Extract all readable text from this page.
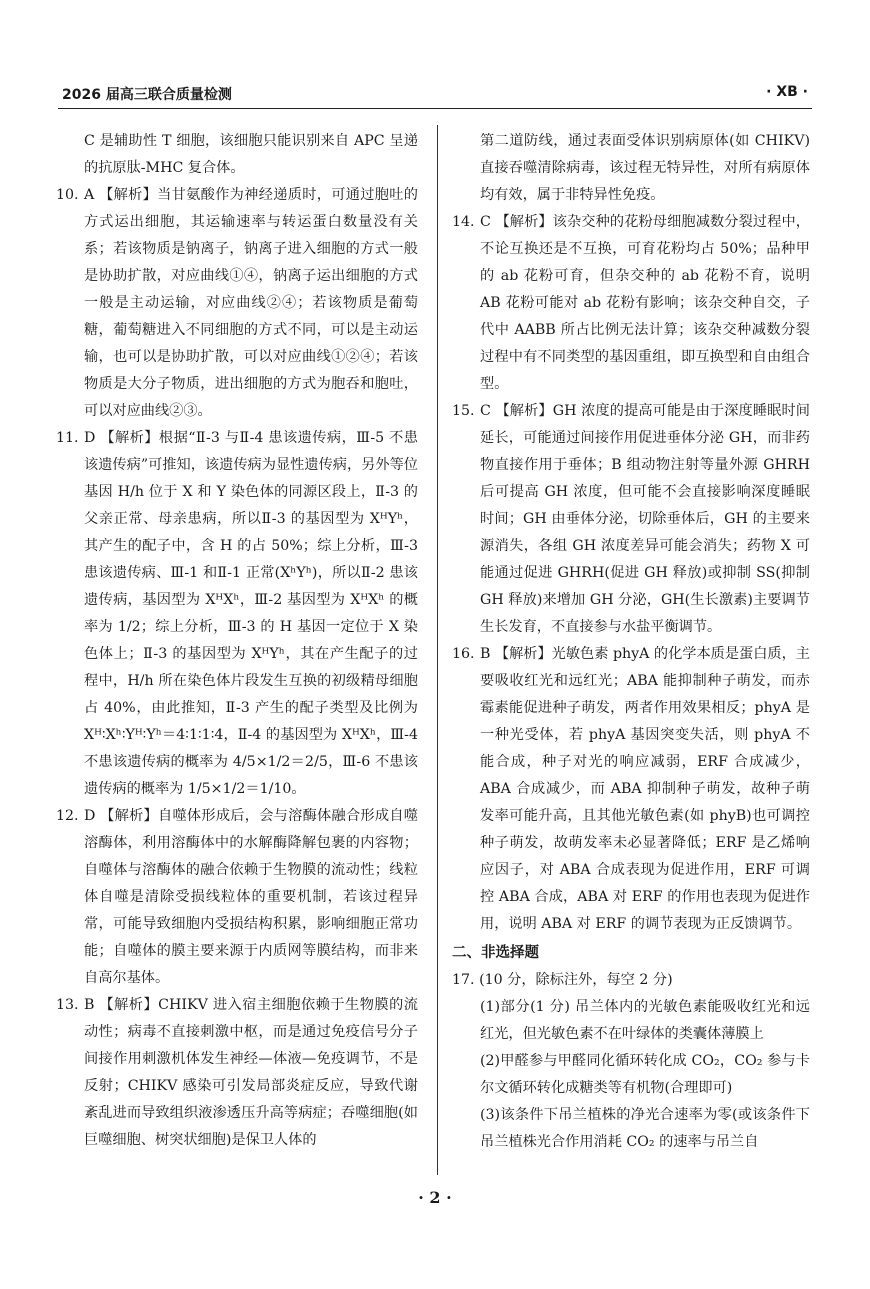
2026 届高三联合质量检测	· XB ·

C 是辅助性 T 细胞，该细胞只能识别来自 APC 呈递的抗原肽-MHC 复合体。

10. A 【解析】当甘氨酸作为神经递质时，可通过胞吐的方式运出细胞，其运输速率与转运蛋白数量没有关系；若该物质是钠离子，钠离子进入细胞的方式一般是协助扩散，对应曲线①④，钠离子运出细胞的方式一般是主动运输，对应曲线②④；若该物质是葡萄糖，葡萄糖进入不同细胞的方式不同，可以是主动运输，也可以是协助扩散，可以对应曲线①②④；若该物质是大分子物质，进出细胞的方式为胞吞和胞吐，可以对应曲线②③。

11. D 【解析】根据“Ⅱ-3 与Ⅱ-4 患该遗传病，Ⅲ-5 不患该遗传病”可推知，该遗传病为显性遗传病，另外等位基因 H/h 位于 X 和 Y 染色体的同源区段上，Ⅱ-3 的父亲正常、母亲患病，所以Ⅱ-3 的基因型为 XᴴYʰ，其产生的配子中，含 H 的占 50%；综上分析，Ⅲ-3 患该遗传病、Ⅲ-1 和Ⅱ-1 正常(XʰYʰ)，所以Ⅱ-2 患该遗传病，基因型为 XᴴXʰ，Ⅲ-2 基因型为 XᴴXʰ 的概率为 1/2；综上分析，Ⅲ-3 的 H 基因一定位于 X 染色体上；Ⅱ-3 的基因型为 XᴴYʰ，其在产生配子的过程中，H/h 所在染色体片段发生互换的初级精母细胞占 40%，由此推知，Ⅱ-3 产生的配子类型及比例为 Xᴴ∶Xʰ∶Yᴴ∶Yʰ＝4∶1∶1∶4，Ⅱ-4 的基因型为 XᴴXʰ，Ⅲ-4 不患该遗传病的概率为 4/5×1/2＝2/5，Ⅲ-6 不患该遗传病的概率为 1/5×1/2＝1/10。

12. D 【解析】自噬体形成后，会与溶酶体融合形成自噬溶酶体，利用溶酶体中的水解酶降解包裹的内容物；自噬体与溶酶体的融合依赖于生物膜的流动性；线粒体自噬是清除受损线粒体的重要机制，若该过程异常，可能导致细胞内受损结构积累，影响细胞正常功能；自噬体的膜主要来源于内质网等膜结构，而非来自高尔基体。

13. B 【解析】CHIKV 进入宿主细胞依赖于生物膜的流动性；病毒不直接刺激中枢，而是通过免疫信号分子间接作用刺激机体发生神经—体液—免疫调节，不是反射；CHIKV 感染可引发局部炎症反应，导致代谢紊乱进而导致组织液渗透压升高等病症；吞噬细胞(如巨噬细胞、树突状细胞)是保卫人体的

第二道防线，通过表面受体识别病原体(如 CHIKV)直接吞噬清除病毒，该过程无特异性，对所有病原体均有效，属于非特异性免疫。

14. C 【解析】该杂交种的花粉母细胞减数分裂过程中，不论互换还是不互换，可育花粉均占 50%；品种甲的 ab 花粉可育，但杂交种的 ab 花粉不育，说明 AB 花粉可能对 ab 花粉有影响；该杂交种自交，子代中 AABB 所占比例无法计算；该杂交种减数分裂过程中有不同类型的基因重组，即互换型和自由组合型。

15. C 【解析】GH 浓度的提高可能是由于深度睡眠时间延长，可能通过间接作用促进垂体分泌 GH，而非药物直接作用于垂体；B 组动物注射等量外源 GHRH 后可提高 GH 浓度，但可能不会直接影响深度睡眠时间；GH 由垂体分泌，切除垂体后，GH 的主要来源消失，各组 GH 浓度差异可能会消失；药物 X 可能通过促进 GHRH(促进 GH 释放)或抑制 SS(抑制 GH 释放)来增加 GH 分泌，GH(生长激素)主要调节生长发育，不直接参与水盐平衡调节。

16. B 【解析】光敏色素 phyA 的化学本质是蛋白质，主要吸收红光和远红光；ABA 能抑制种子萌发，而赤霉素能促进种子萌发，两者作用效果相反；phyA 是一种光受体，若 phyA 基因突变失活，则 phyA 不能合成，种子对光的响应减弱，ERF 合成减少，ABA 合成减少，而 ABA 抑制种子萌发，故种子萌发率可能升高，且其他光敏色素(如 phyB)也可调控种子萌发，故萌发率未必显著降低；ERF 是乙烯响应因子，对 ABA 合成表现为促进作用，ERF 可调控 ABA 合成，ABA 对 ERF 的作用也表现为促进作用，说明 ABA 对 ERF 的调节表现为正反馈调节。

二、非选择题

17. (10 分，除标注外，每空 2 分)

(1)部分(1 分) 吊兰体内的光敏色素能吸收红光和远红光，但光敏色素不在叶绿体的类囊体薄膜上

(2)甲醛参与甲醛同化循环转化成 CO₂，CO₂ 参与卡尔文循环转化成糖类等有机物(合理即可)

(3)该条件下吊兰植株的净光合速率为零(或该条件下吊兰植株光合作用消耗 CO₂ 的速率与吊兰自

· 2 ·
